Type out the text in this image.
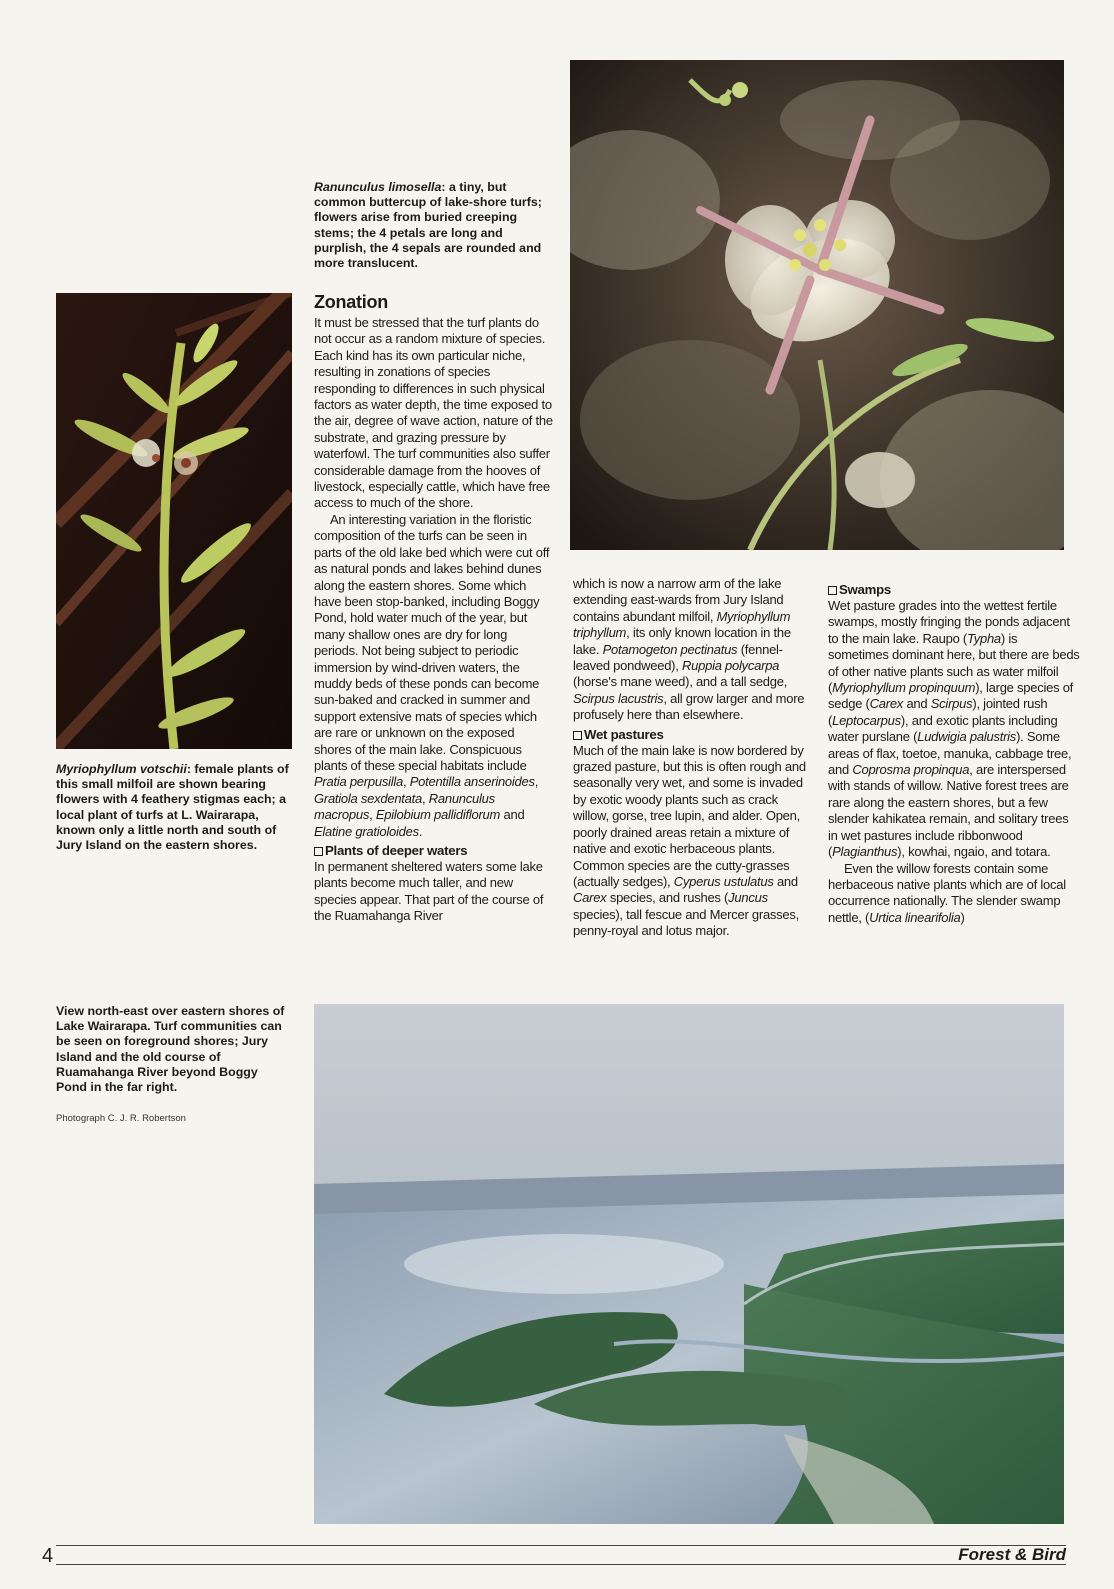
Ranunculus limosella: a tiny, but common buttercup of lake-shore turfs; flowers arise from buried creeping stems; the 4 petals are long and purplish, the 4 sepals are rounded and more translucent.
Myriophyllum votschii: female plants of this small milfoil are shown bearing flowers with 4 feathery stigmas each; a local plant of turfs at L. Wairarapa, known only a little north and south of Jury Island on the eastern shores.
Zonation

It must be stressed that the turf plants do not occur as a random mixture of species. Each kind has its own particular niche, resulting in zonations of species responding to differences in such physical factors as water depth, the time exposed to the air, degree of wave action, nature of the substrate, and grazing pressure by waterfowl. The turf communities also suffer considerable damage from the hooves of livestock, especially cattle, which have free access to much of the shore.

An interesting variation in the floristic composition of the turfs can be seen in parts of the old lake bed which were cut off as natural ponds and lakes behind dunes along the eastern shores. Some which have been stop-banked, including Boggy Pond, hold water much of the year, but many shallow ones are dry for long periods. Not being subject to periodic immersion by wind-driven waters, the muddy beds of these ponds can become sun-baked and cracked in summer and support extensive mats of species which are rare or unknown on the exposed shores of the main lake. Conspicuous plants of these special habitats include Pratia perpusilla, Potentilla anserinoides, Gratiola sexdentata, Ranunculus macropus, Epilobium pallidiflorum and Elatine gratioloides.

Plants of deeper waters

In permanent sheltered waters some lake plants become much taller, and new species appear. That part of the course of the Ruamahanga River

which is now a narrow arm of the lake extending east-wards from Jury Island contains abundant milfoil, Myriophyllum triphyllum, its only known location in the lake. Potamogeton pectinatus (fennel-leaved pondweed), Ruppia polycarpa (horse's mane weed), and a tall sedge, Scirpus lacustris, all grow larger and more profusely here than elsewhere.

Wet pastures

Much of the main lake is now bordered by grazed pasture, but this is often rough and seasonally very wet, and some is invaded by exotic woody plants such as crack willow, gorse, tree lupin, and alder. Open, poorly drained areas retain a mixture of native and exotic herbaceous plants. Common species are the cutty-grasses (actually sedges), Cyperus ustulatus and Carex species, and rushes (Juncus species), tall fescue and Mercer grasses, penny-royal and lotus major.

Swamps

Wet pasture grades into the wettest fertile swamps, mostly fringing the ponds adjacent to the main lake. Raupo (Typha) is sometimes dominant here, but there are beds of other native plants such as water milfoil (Myriophyllum propinquum), large species of sedge (Carex and Scirpus), jointed rush (Leptocarpus), and exotic plants including water purslane (Ludwigia palustris). Some areas of flax, toetoe, manuka, cabbage tree, and Coprosma propinqua, are interspersed with stands of willow. Native forest trees are rare along the eastern shores, but a few slender kahikatea remain, and solitary trees in wet pastures include ribbonwood (Plagianthus), kowhai, ngaio, and totara.

Even the willow forests contain some herbaceous native plants which are of local occurrence nationally. The slender swamp nettle, (Urtica linearifolia)

View north-east over eastern shores of Lake Wairarapa. Turf communities can be seen on foreground shores; Jury Island and the old course of Ruamahanga River beyond Boggy Pond in the far right.
Photograph C. J. R. Robertson
4	Forest & Bird
